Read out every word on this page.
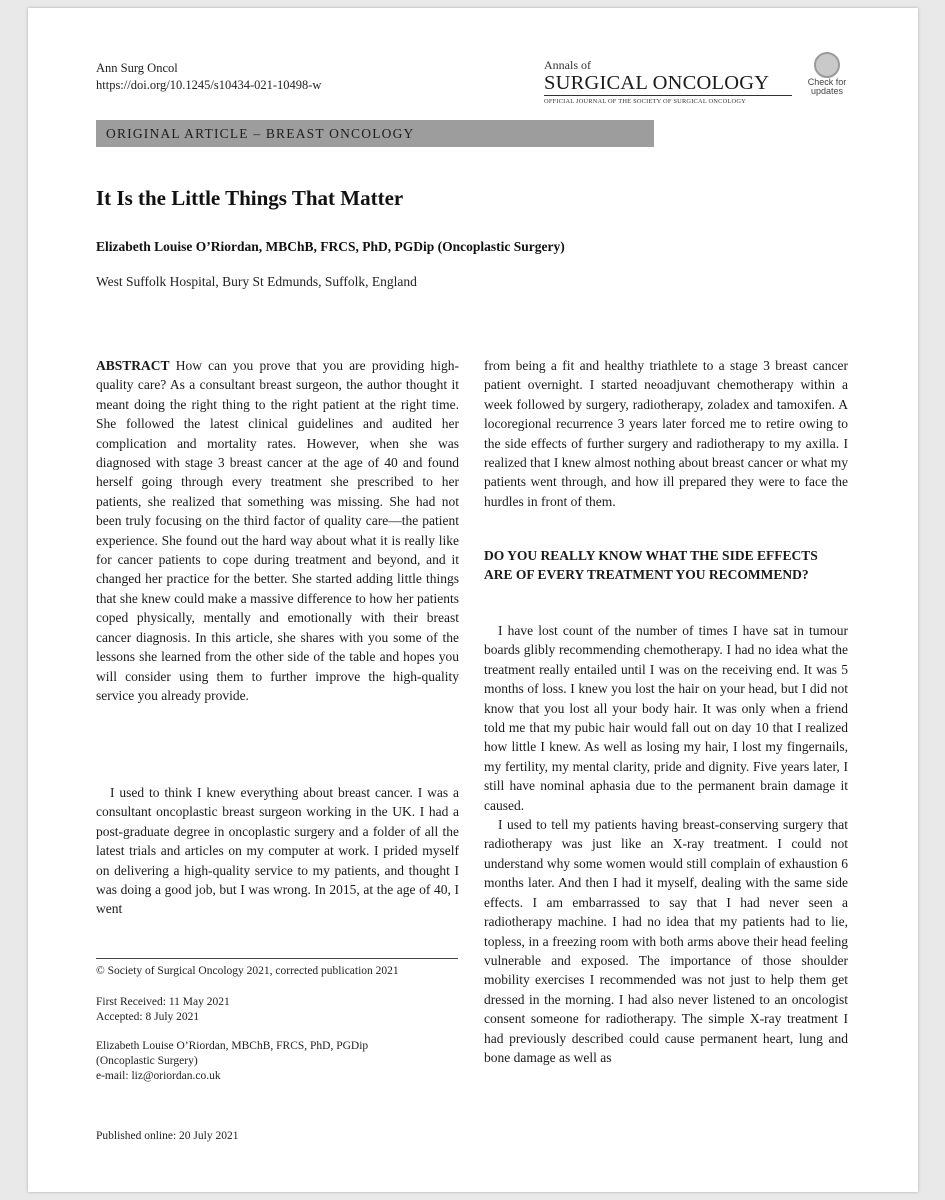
Ann Surg Oncol
https://doi.org/10.1245/s10434-021-10498-w
Annals of
SURGICAL ONCOLOGY
OFFICIAL JOURNAL OF THE SOCIETY OF SURGICAL ONCOLOGY
Check for
updates
ORIGINAL ARTICLE – BREAST ONCOLOGY
It Is the Little Things That Matter
Elizabeth Louise O’Riordan, MBChB, FRCS, PhD, PGDip (Oncoplastic Surgery)
West Suffolk Hospital, Bury St Edmunds, Suffolk, England

ABSTRACT How can you prove that you are providing high-quality care? As a consultant breast surgeon, the author thought it meant doing the right thing to the right patient at the right time. She followed the latest clinical guidelines and audited her complication and mortality rates. However, when she was diagnosed with stage 3 breast cancer at the age of 40 and found herself going through every treatment she prescribed to her patients, she realized that something was missing. She had not been truly focusing on the third factor of quality care—the patient experience. She found out the hard way about what it is really like for cancer patients to cope during treatment and beyond, and it changed her practice for the better. She started adding little things that she knew could make a massive difference to how her patients coped physically, mentally and emotionally with their breast cancer diagnosis. In this article, she shares with you some of the lessons she learned from the other side of the table and hopes you will consider using them to further improve the high-quality service you already provide.

I used to think I knew everything about breast cancer. I was a consultant oncoplastic breast surgeon working in the UK. I had a post-graduate degree in oncoplastic surgery and a folder of all the latest trials and articles on my computer at work. I prided myself on delivering a high-quality service to my patients, and thought I was doing a good job, but I was wrong. In 2015, at the age of 40, I went

© Society of Surgical Oncology 2021, corrected publication 2021
First Received: 11 May 2021
Accepted: 8 July 2021
Elizabeth Louise O’Riordan, MBChB, FRCS, PhD, PGDip (Oncoplastic Surgery)
e-mail: liz@oriordan.co.uk
Published online: 20 July 2021

from being a fit and healthy triathlete to a stage 3 breast cancer patient overnight. I started neoadjuvant chemotherapy within a week followed by surgery, radiotherapy, zoladex and tamoxifen. A locoregional recurrence 3 years later forced me to retire owing to the side effects of further surgery and radiotherapy to my axilla. I realized that I knew almost nothing about breast cancer or what my patients went through, and how ill prepared they were to face the hurdles in front of them.

DO YOU REALLY KNOW WHAT THE SIDE EFFECTS ARE OF EVERY TREATMENT YOU RECOMMEND?

I have lost count of the number of times I have sat in tumour boards glibly recommending chemotherapy. I had no idea what the treatment really entailed until I was on the receiving end. It was 5 months of loss. I knew you lost the hair on your head, but I did not know that you lost all your body hair. It was only when a friend told me that my pubic hair would fall out on day 10 that I realized how little I knew. As well as losing my hair, I lost my fingernails, my fertility, my mental clarity, pride and dignity. Five years later, I still have nominal aphasia due to the permanent brain damage it caused.

I used to tell my patients having breast-conserving surgery that radiotherapy was just like an X-ray treatment. I could not understand why some women would still complain of exhaustion 6 months later. And then I had it myself, dealing with the same side effects. I am embarrassed to say that I had never seen a radiotherapy machine. I had no idea that my patients had to lie, topless, in a freezing room with both arms above their head feeling vulnerable and exposed. The importance of those shoulder mobility exercises I recommended was not just to help them get dressed in the morning. I had also never listened to an oncologist consent someone for radiotherapy. The simple X-ray treatment I had previously described could cause permanent heart, lung and bone damage as well as
